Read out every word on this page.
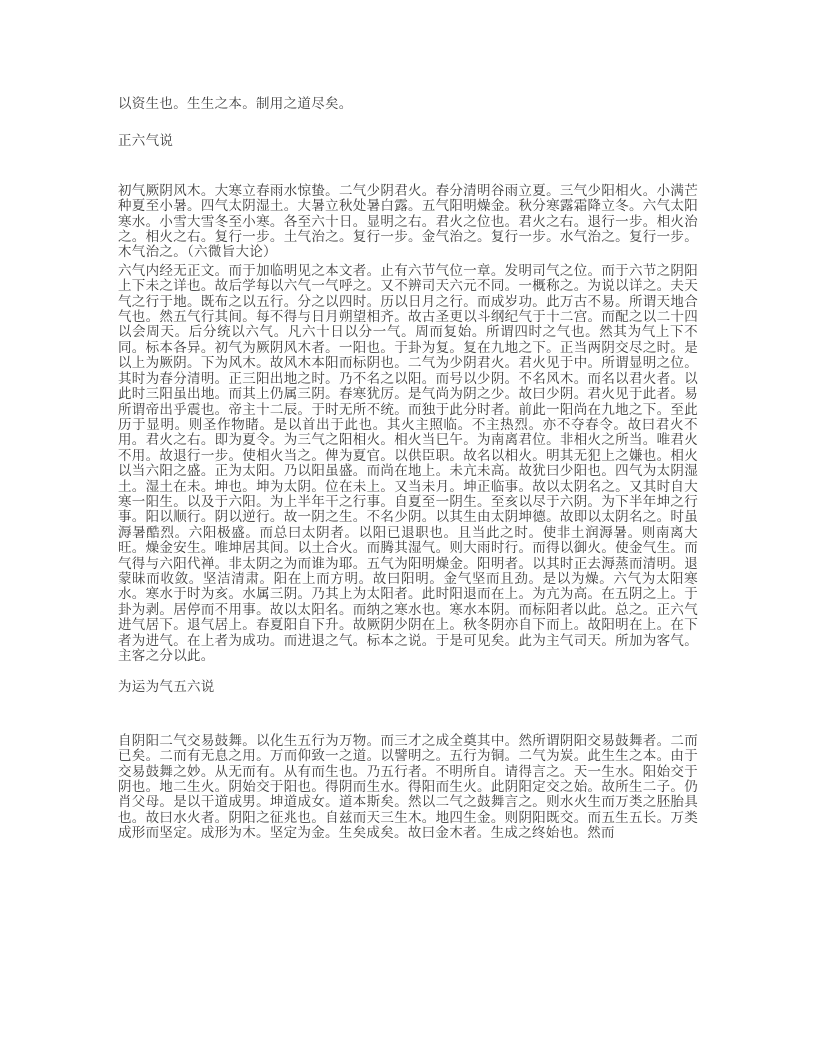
以资生也。生生之本。制用之道尽矣。

正六气说

初气厥阴风木。大寒立春雨水惊蛰。二气少阴君火。春分清明谷雨立夏。三气少阳相火。小满芒种夏至小暑。四气太阴湿土。大暑立秋处暑白露。五气阳明燥金。秋分寒露霜降立冬。六气太阳寒水。小雪大雪冬至小寒。各至六十日。显明之右。君火之位也。君火之右。退行一步。相火治之。相火之右。复行一步。土气治之。复行一步。金气治之。复行一步。水气治之。复行一步。木气治之。（六微旨大论）

六气内经无正文。而于加临明见之本文者。止有六节气位一章。发明司气之位。而于六节之阴阳上下未之详也。故后学每以六气一气呼之。又不辨司天六元不同。一概称之。为说以详之。夫天气之行于地。既布之以五行。分之以四时。历以日月之行。而成岁功。此万古不易。所谓天地合气也。然五气行其间。每不得与日月朔望相齐。故古圣更以斗纲纪气于十二宫。而配之以二十四以会周天。后分统以六气。凡六十日以分一气。周而复始。所谓四时之气也。然其为气上下不同。标本各异。初气为厥阴风木者。一阳也。于卦为复。复在九地之下。正当两阴交尽之时。是以上为厥阴。下为风木。故风木本阳而标阴也。二气为少阴君火。君火见于中。所谓显明之位。其时为春分清明。正三阳出地之时。乃不名之以阳。而号以少阴。不名风木。而名以君火者。以此时三阳虽出地。而其上仍属三阴。春寒犹厉。是气尚为阴之少。故曰少阴。君火见于此者。易所谓帝出乎震也。帝主十二辰。于时无所不统。而独于此分时者。前此一阳尚在九地之下。至此历于显明。则圣作物睹。是以首出于此也。其火主照临。不主热烈。亦不夺春令。故曰君火不用。君火之右。即为夏令。为三气之阳相火。相火当巳午。为南离君位。非相火之所当。唯君火不用。故退行一步。使相火当之。俾为夏官。以供臣职。故名以相火。明其无犯上之嫌也。相火以当六阳之盛。正为太阳。乃以阳虽盛。而尚在地上。未亢未高。故犹曰少阳也。四气为太阴湿土。湿土在未。坤也。坤为太阴。位在未上。又当未月。坤正临事。故以太阴名之。又其时自大寒一阳生。以及于六阳。为上半年干之行事。自夏至一阴生。至亥以尽于六阴。为下半年坤之行事。阳以顺行。阴以逆行。故一阴之生。不名少阴。以其生由太阴坤德。故即以太阴名之。时虽溽暑酷烈。六阳极盛。而总曰太阴者。以阳已退职也。且当此之时。使非土润溽暑。则南离大旺。燥金安生。唯坤居其间。以土合火。而腾其湿气。则大雨时行。而得以御火。使金气生。而气得与六阳代禅。非太阴之为而谁为耶。五气为阳明燥金。阳明者。以其时正去溽蒸而清明。退蒙昧而收敛。坚洁清肃。阳在上而方明。故曰阳明。金气坚而且劲。是以为燥。六气为太阳寒水。寒水于时为亥。水属三阴。乃其上为太阳者。此时阳退而在上。为亢为高。在五阴之上。于卦为剥。居停而不用事。故以太阳名。而纳之寒水也。寒水本阴。而标阳者以此。总之。正六气进气居下。退气居上。春夏阳自下升。故厥阴少阴在上。秋冬阴亦自下而上。故阳明在上。在下者为进气。在上者为成功。而进退之气。标本之说。于是可见矣。此为主气司天。所加为客气。主客之分以此。

为运为气五六说

自阴阳二气交易鼓舞。以化生五行为万物。而三才之成全奠其中。然所谓阴阳交易鼓舞者。二而已矣。二而有无息之用。万而仰致一之道。以譬明之。五行为铜。二气为炭。此生生之本。由于交易鼓舞之妙。从无而有。从有而生也。乃五行者。不明所自。请得言之。天一生水。阳始交于阴也。地二生火。阴始交于阳也。得阴而生水。得阳而生火。此阴阳定交之始。故所生二子。仍肖父母。是以干道成男。坤道成女。道本斯矣。然以二气之鼓舞言之。则水火生而万类之胚胎具也。故曰水火者。阴阳之征兆也。自兹而天三生木。地四生金。则阴阳既交。而五生五长。万类成形而坚定。成形为木。坚定为金。生矣成矣。故曰金木者。生成之终始也。然而
